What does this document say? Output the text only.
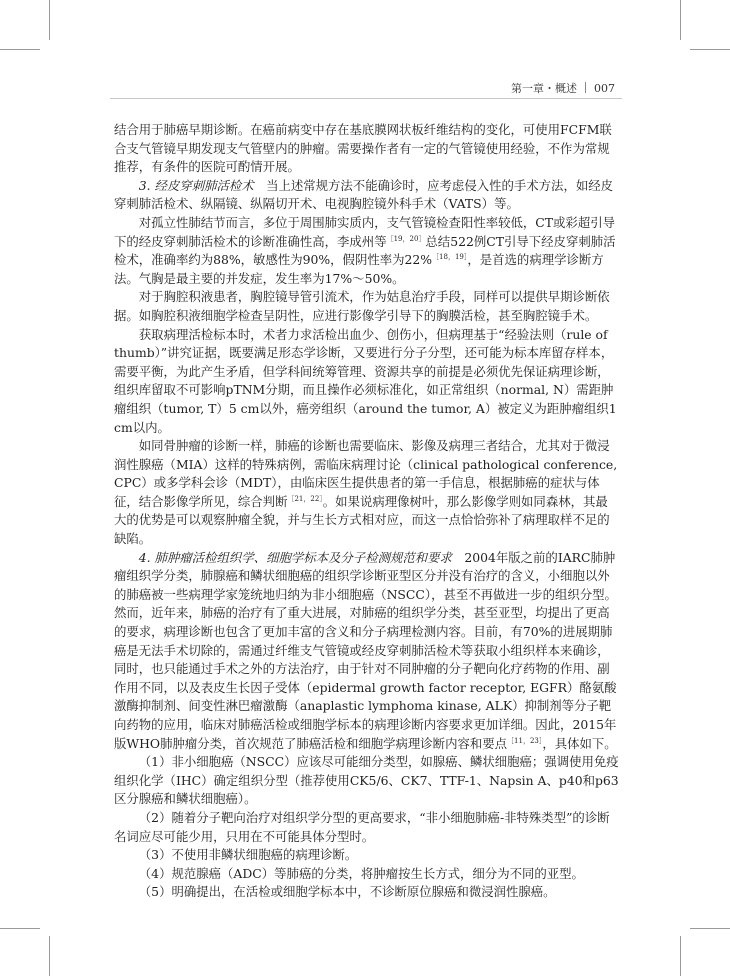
第一章・概述 007

结合用于肺癌早期诊断。在癌前病变中存在基底膜网状板纤维结构的变化，可使用FCFM联合支气管镜早期发现支气管壁内的肿瘤。需要操作者有一定的气管镜使用经验，不作为常规推荐，有条件的医院可酌情开展。

3. 经皮穿刺肺活检术　 当上述常规方法不能确诊时，应考虑侵入性的手术方法，如经皮穿刺肺活检术、纵隔镜、纵隔切开术、电视胸腔镜外科手术（VATS）等。

对孤立性肺结节而言，多位于周围肺实质内，支气管镜检查阳性率较低，CT或彩超引导下的经皮穿刺肺活检术的诊断准确性高，李成州等$^{[19,20]}$总结522例CT引导下经皮穿刺肺活检术，准确率约为88%，敏感性为90%，假阴性率为22%$^{[18,19]}$，是首选的病理学诊断方法。气胸是最主要的并发症，发生率为17%～50%。

对于胸腔积液患者，胸腔镜导管引流术，作为姑息治疗手段，同样可以提供早期诊断依据。如胸腔积液细胞学检查呈阴性，应进行影像学引导下的胸膜活检，甚至胸腔镜手术。

获取病理活检标本时，术者力求活检出血少、创伤小，但病理基于“经验法则（rule of thumb）”讲究证据，既要满足形态学诊断，又要进行分子分型，还可能为标本库留存样本，需要平衡，为此产生矛盾，但学科间统筹管理、资源共享的前提是必须优先保证病理诊断，组织库留取不可影响pTNM分期，而且操作必须标准化，如正常组织（normal, N）需距肿瘤组织（tumor, T）5 cm以外，癌旁组织（around the tumor, A）被定义为距肿瘤组织1 cm以内。

如同骨肿瘤的诊断一样，肺癌的诊断也需要临床、影像及病理三者结合，尤其对于微浸润性腺癌（MIA）这样的特殊病例，需临床病理讨论（clinical pathological conference, CPC）或多学科会诊（MDT），由临床医生提供患者的第一手信息，根据肺癌的症状与体征，结合影像学所见，综合判断$^{[21,22]}$。如果说病理像树叶，那么影像学则如同森林，其最大的优势是可以观察肿瘤全貌，并与生长方式相对应，而这一点恰恰弥补了病理取样不足的缺陷。

4. 肺肿瘤活检组织学、细胞学标本及分子检测规范和要求　 2004年版之前的IARC肺肿瘤组织学分类，肺腺癌和鳞状细胞癌的组织学诊断亚型区分并没有治疗的含义，小细胞以外的肺癌被一些病理学家笼统地归纳为非小细胞癌（NSCC），甚至不再做进一步的组织分型。然而，近年来，肺癌的治疗有了重大进展，对肺癌的组织学分类，甚至亚型，均提出了更高的要求，病理诊断也包含了更加丰富的含义和分子病理检测内容。目前，有70%的进展期肺癌是无法手术切除的，需通过纤维支气管镜或经皮穿刺肺活检术等获取小组织样本来确诊，同时，也只能通过手术之外的方法治疗，由于针对不同肿瘤的分子靶向化疗药物的作用、副作用不同，以及表皮生长因子受体（epidermal growth factor receptor, EGFR）酪氨酸激酶抑制剂、间变性淋巴瘤激酶（anaplastic lymphoma kinase, ALK）抑制剂等分子靶向药物的应用，临床对肺癌活检或细胞学标本的病理诊断内容要求更加详细。因此，2015年版WHO肺肿瘤分类，首次规范了肺癌活检和细胞学病理诊断内容和要点$^{[11,23]}$，具体如下。

（1）非小细胞癌（NSCC）应该尽可能细分类型，如腺癌、鳞状细胞癌；强调使用免疫组织化学（IHC）确定组织分型（推荐使用CK5/6、CK7、TTF-1、Napsin A、p40和p63区分腺癌和鳞状细胞癌）。

（2）随着分子靶向治疗对组织学分型的更高要求，“非小细胞肺癌-非特殊类型”的诊断名词应尽可能少用，只用在不可能具体分型时。

（3）不使用非鳞状细胞癌的病理诊断。

（4）规范腺癌（ADC）等肺癌的分类，将肿瘤按生长方式，细分为不同的亚型。

（5）明确提出，在活检或细胞学标本中，不诊断原位腺癌和微浸润性腺癌。
